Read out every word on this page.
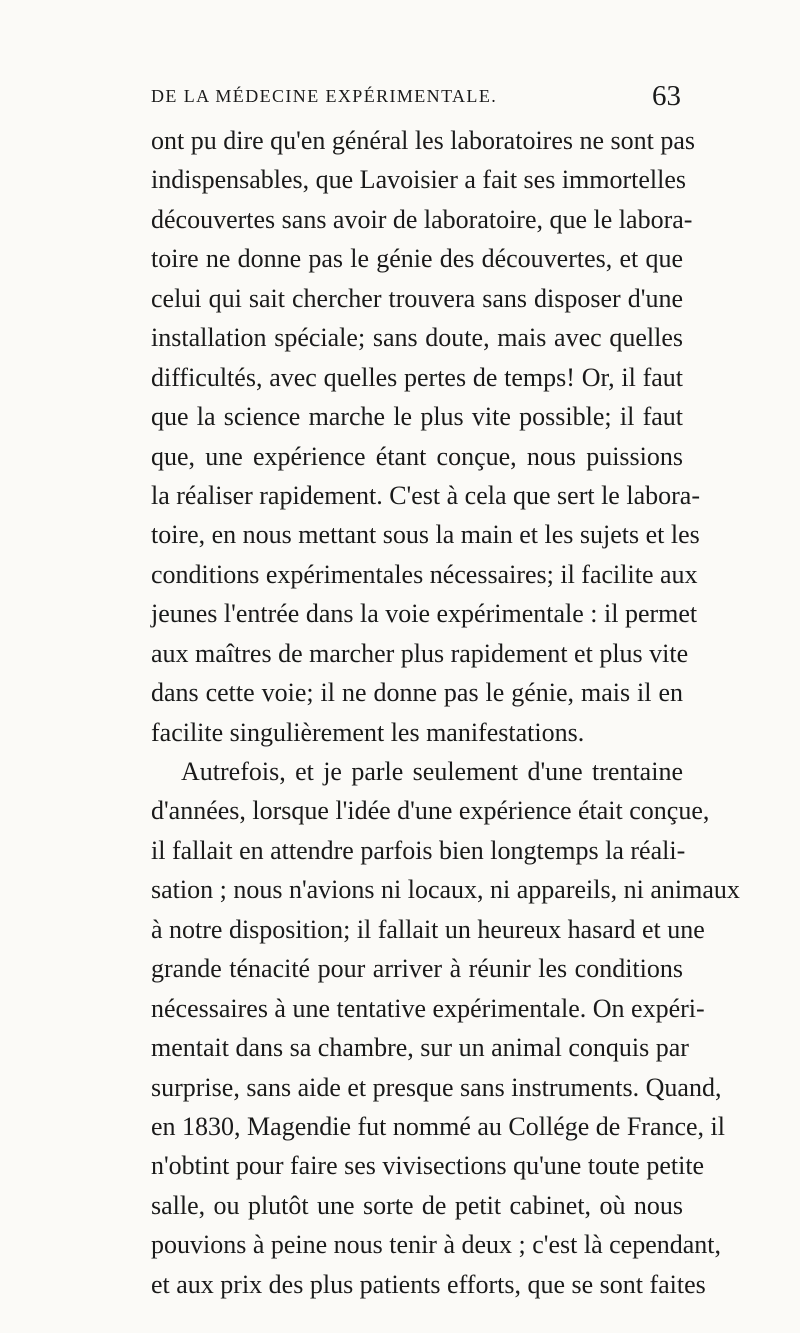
DE LA MÉDECINE EXPÉRIMENTALE.	63
ont pu dire qu'en général les laboratoires ne sont pas
indispensables, que Lavoisier a fait ses immortelles
découvertes sans avoir de laboratoire, que le labora-
toire ne donne pas le génie des découvertes, et que
celui qui sait chercher trouvera sans disposer d'une
installation spéciale; sans doute, mais avec quelles
difficultés, avec quelles pertes de temps! Or, il faut
que la science marche le plus vite possible; il faut
que, une expérience étant conçue, nous puissions
la réaliser rapidement. C'est à cela que sert le labora-
toire, en nous mettant sous la main et les sujets et les
conditions expérimentales nécessaires; il facilite aux
jeunes l'entrée dans la voie expérimentale : il permet
aux maîtres de marcher plus rapidement et plus vite
dans cette voie; il ne donne pas le génie, mais il en
facilite singulièrement les manifestations.
Autrefois, et je parle seulement d'une trentaine
d'années, lorsque l'idée d'une expérience était conçue,
il fallait en attendre parfois bien longtemps la réali-
sation ; nous n'avions ni locaux, ni appareils, ni animaux
à notre disposition; il fallait un heureux hasard et une
grande ténacité pour arriver à réunir les conditions
nécessaires à une tentative expérimentale. On expéri-
mentait dans sa chambre, sur un animal conquis par
surprise, sans aide et presque sans instruments. Quand,
en 1830, Magendie fut nommé au Collége de France, il
n'obtint pour faire ses vivisections qu'une toute petite
salle, ou plutôt une sorte de petit cabinet, où nous
pouvions à peine nous tenir à deux ; c'est là cependant,
et aux prix des plus patients efforts, que se sont faites
